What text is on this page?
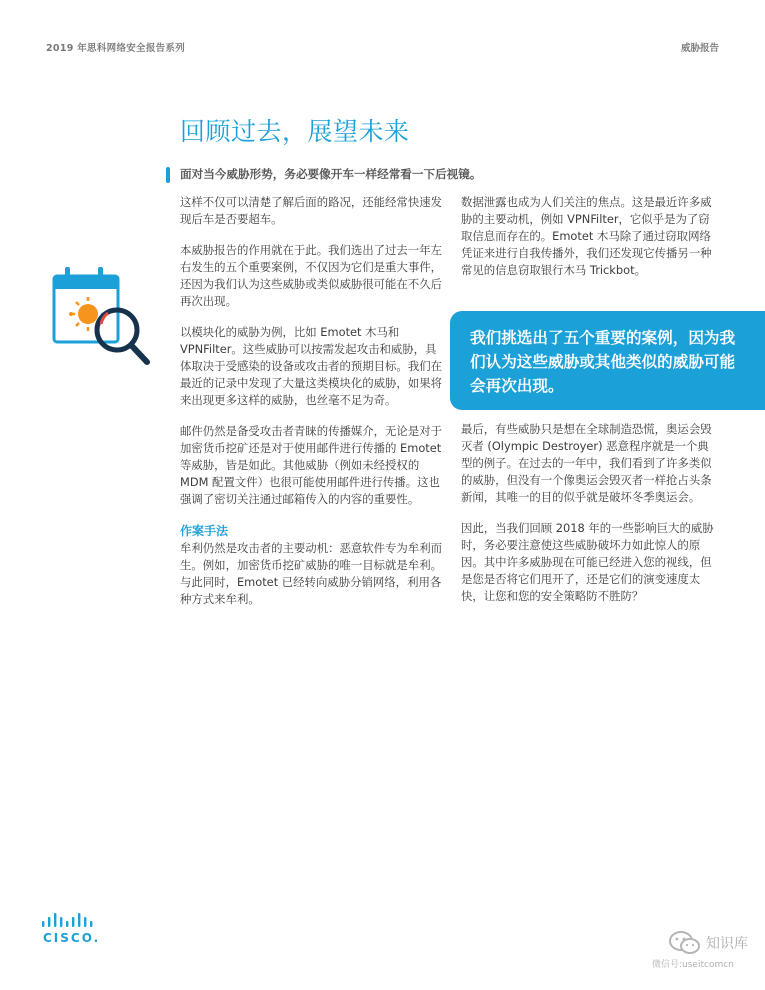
2019 年思科网络安全报告系列	威胁报告
回顾过去，展望未来
面对当今威胁形势，务必要像开车一样经常看一下后视镜。

这样不仅可以清楚了解后面的路况，还能经常快速发现后车是否要超车。

本威胁报告的作用就在于此。我们选出了过去一年左右发生的五个重要案例，不仅因为它们是重大事件，还因为我们认为这些威胁或类似威胁很可能在不久后再次出现。

以模块化的威胁为例，比如 Emotet 木马和 VPNFilter。这些威胁可以按需发起攻击和威胁，具体取决于受感染的设备或攻击者的预期目标。我们在最近的记录中发现了大量这类模块化的威胁，如果将来出现更多这样的威胁，也丝毫不足为奇。

邮件仍然是备受攻击者青睐的传播媒介，无论是对于加密货币挖矿还是对于使用邮件进行传播的 Emotet 等威胁，皆是如此。其他威胁（例如未经授权的 MDM 配置文件）也很可能使用邮件进行传播。这也强调了密切关注通过邮箱传入的内容的重要性。

作案手法

牟利仍然是攻击者的主要动机：恶意软件专为牟利而生。例如，加密货币挖矿威胁的唯一目标就是牟利。与此同时，Emotet 已经转向威胁分销网络，利用各种方式来牟利。

数据泄露也成为人们关注的焦点。这是最近许多威胁的主要动机，例如 VPNFilter，它似乎是为了窃取信息而存在的。Emotet 木马除了通过窃取网络凭证来进行自我传播外，我们还发现它传播另一种常见的信息窃取银行木马 Trickbot。

我们挑选出了五个重要的案例，因为我们认为这些威胁或其他类似的威胁可能会再次出现。

最后，有些威胁只是想在全球制造恐慌，奥运会毁灭者 (Olympic Destroyer) 恶意程序就是一个典型的例子。在过去的一年中，我们看到了许多类似的威胁，但没有一个像奥运会毁灭者一样抢占头条新闻，其唯一的目的似乎就是破坏冬季奥运会。

因此，当我们回顾 2018 年的一些影响巨大的威胁时，务必要注意使这些威胁破坏力如此惊人的原因。其中许多威胁现在可能已经进入您的视线，但是您是否将它们甩开了，还是它们的演变速度太快，让您和您的安全策略防不胜防？

CISCO.	知识库
微信号:useitcomcn
